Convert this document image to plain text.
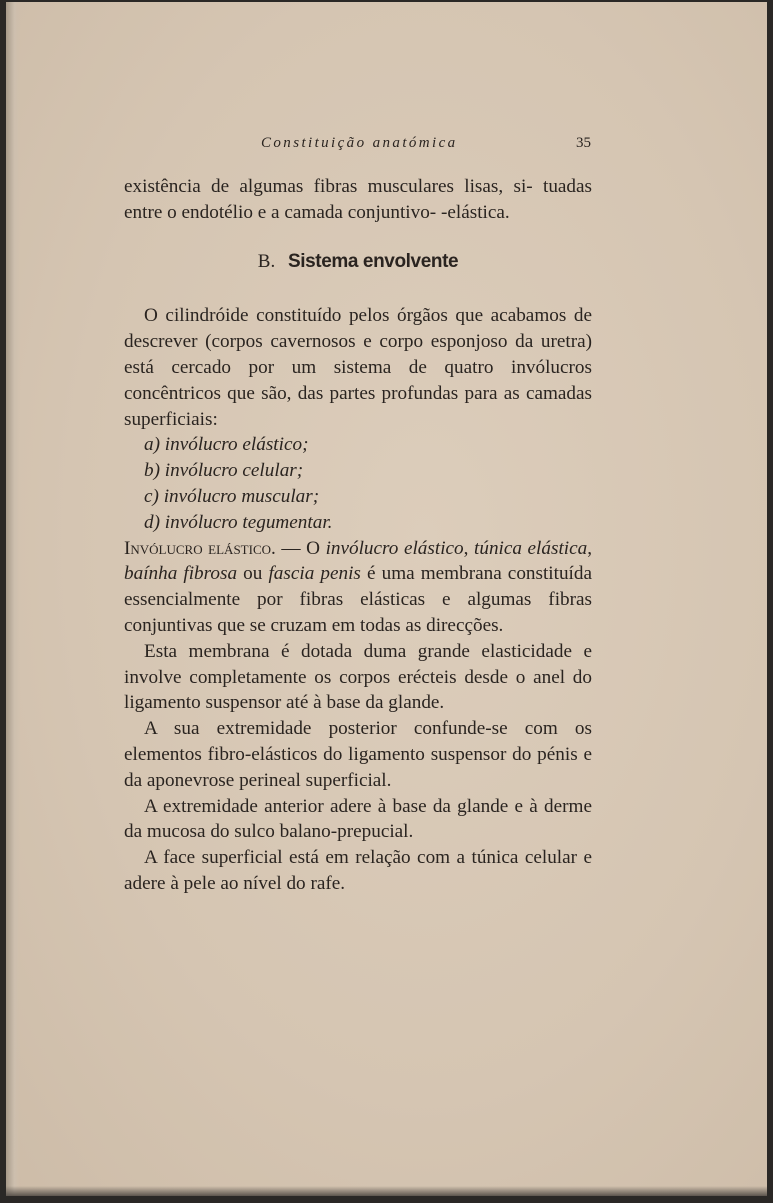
Constituição anatómica	35

existência de algumas fibras musculares lisas, si- tuadas entre o endotélio e a camada conjuntivo- -elástica.

B. Sistema envolvente

O cilindróide constituído pelos órgãos que acabamos de descrever (corpos cavernosos e corpo esponjoso da uretra) está cercado por um sistema de quatro invólucros concêntricos que são, das partes profundas para as camadas superficiais:

a) invólucro elástico;

b) invólucro celular;

c) invólucro muscular;

d) invólucro tegumentar.

Invólucro elástico. — O invólucro elástico, túnica elástica, baínha fibrosa ou fascia penis é uma membrana constituída essencialmente por fibras elásticas e algumas fibras conjuntivas que se cruzam em todas as direcções.

Esta membrana é dotada duma grande elasticidade e involve completamente os corpos erécteis desde o anel do ligamento suspensor até à base da glande.

A sua extremidade posterior confunde-se com os elementos fibro-elásticos do ligamento suspensor do pénis e da aponevrose perineal superficial.

A extremidade anterior adere à base da glande e à derme da mucosa do sulco balano-prepucial.

A face superficial está em relação com a túnica celular e adere à pele ao nível do rafe.
